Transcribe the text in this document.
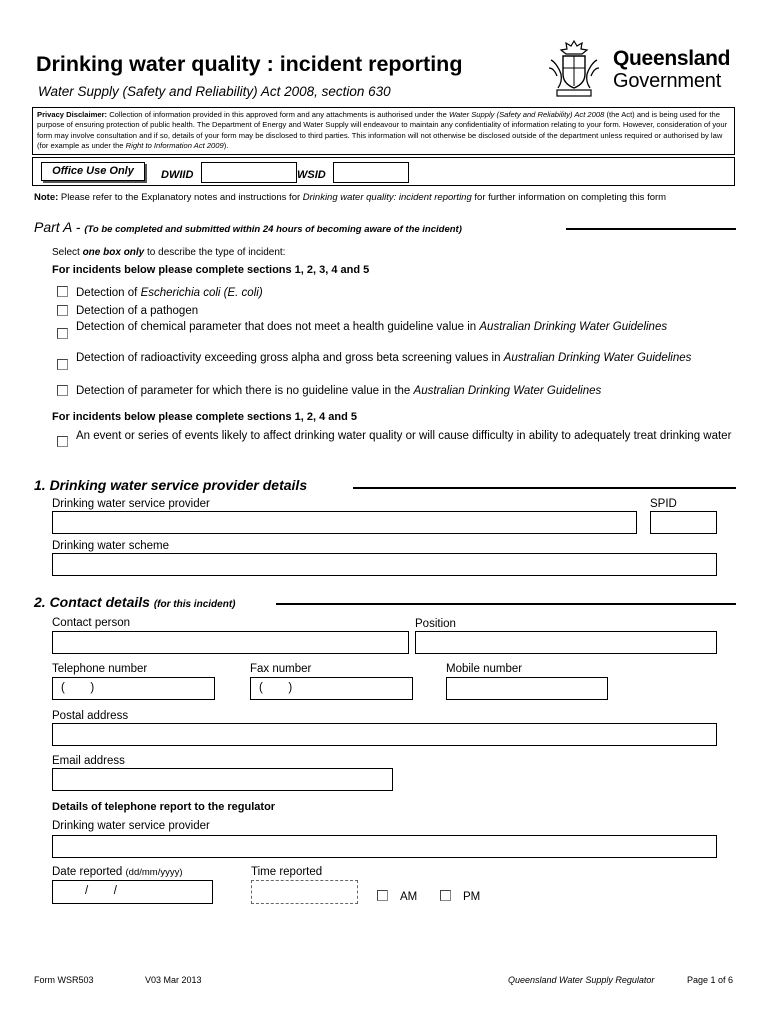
Drinking water quality : incident reporting
Water Supply (Safety and Reliability) Act 2008, section 630
Queensland
Government
Privacy Disclaimer: Collection of information provided in this approved form and any attachments is authorised under the Water Supply (Safety and Reliability) Act 2008 (the Act) and is being used for the purpose of ensuring protection of public health. The Department of Energy and Water Supply will endeavour to maintain any confidentiality of information relating to your form. However, consideration of your form may involve consultation and if so, details of your form may be disclosed to third parties. This information will not otherwise be disclosed outside of the department unless required or authorised by law (for example as under the Right to Information Act 2009).
Office Use Only	DWIID	WSID
Note: Please refer to the Explanatory notes and instructions for Drinking water quality: incident reporting for further information on completing this form
Part A - (To be completed and submitted within 24 hours of becoming aware of the incident)
Select one box only to describe the type of incident:
For incidents below please complete sections 1, 2, 3, 4 and 5
Detection of Escherichia coli (E. coli)
Detection of a pathogen
Detection of chemical parameter that does not meet a health guideline value in Australian Drinking Water Guidelines
Detection of radioactivity exceeding gross alpha and gross beta screening values in Australian Drinking Water Guidelines
Detection of parameter for which there is no guideline value in the Australian Drinking Water Guidelines
For incidents below please complete sections 1, 2, 4 and 5
An event or series of events likely to affect drinking water quality or will cause difficulty in ability to adequately treat drinking water
1. Drinking water service provider details
Drinking water service provider	SPID
Drinking water scheme
2. Contact details (for this incident)
Contact person	Position
Telephone number	Fax number	Mobile number
(        )	(        )
Postal address
Email address
Details of telephone report to the regulator
Drinking water service provider
Date reported (dd/mm/yyyy)	Time reported
/        /	AM	PM
Form WSR503	V03 Mar 2013	Queensland Water Supply Regulator	Page 1 of 6
